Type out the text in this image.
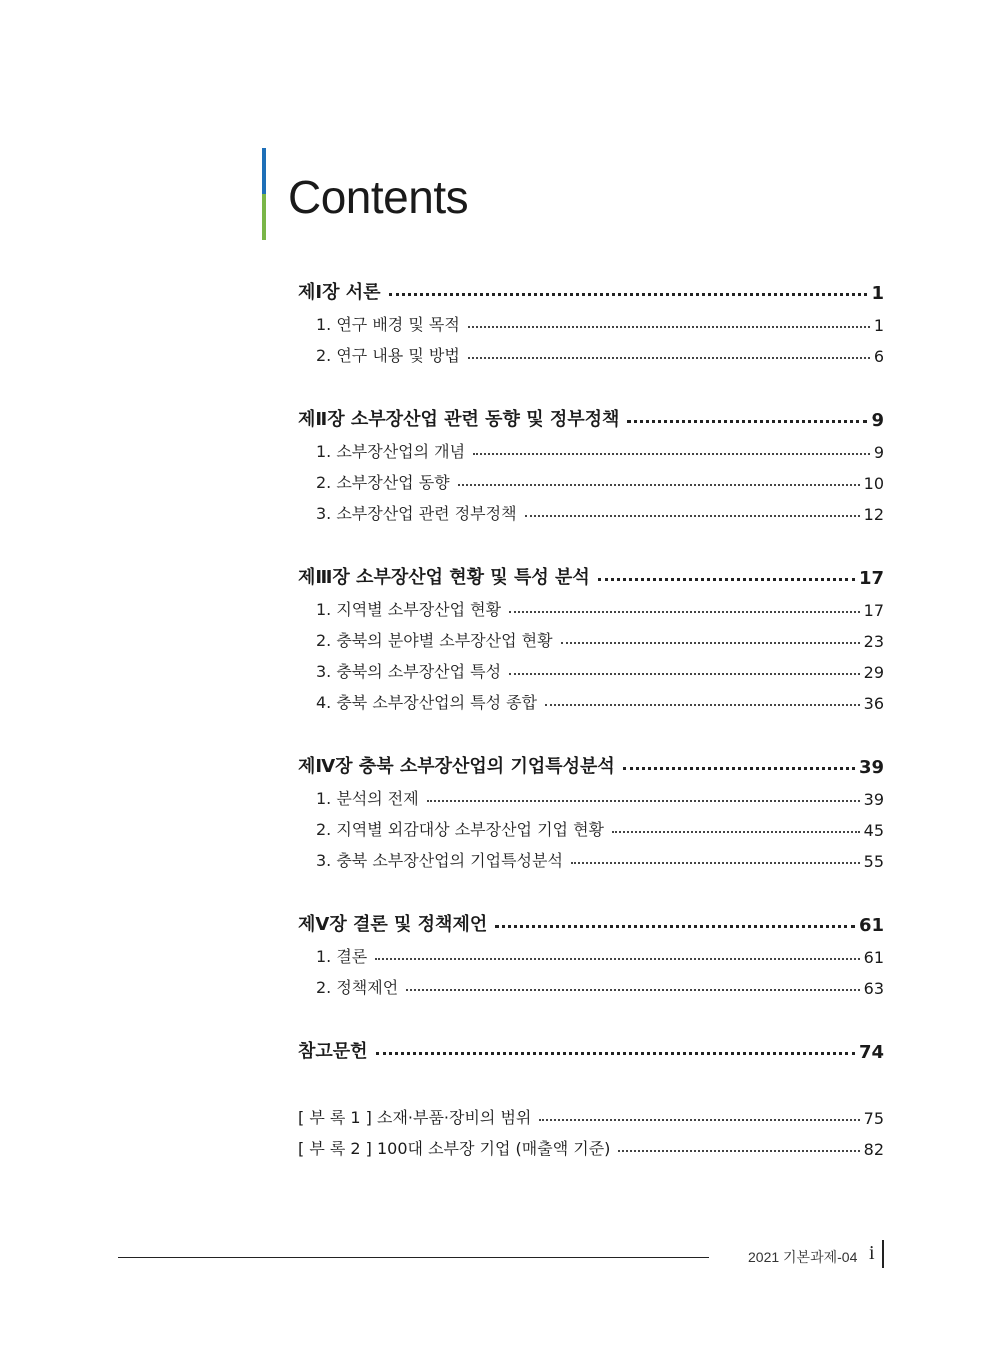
Contents
제Ⅰ장 서론	1
1. 연구 배경 및 목적	1
2. 연구 내용 및 방법	6
제Ⅱ장 소부장산업 관련 동향 및 정부정책	9
1. 소부장산업의 개념	9
2. 소부장산업 동향	10
3. 소부장산업 관련 정부정책	12
제Ⅲ장 소부장산업 현황 및 특성 분석	17
1. 지역별 소부장산업 현황	17
2. 충북의 분야별 소부장산업 현황	23
3. 충북의 소부장산업 특성	29
4. 충북 소부장산업의 특성 종합	36
제Ⅳ장 충북 소부장산업의 기업특성분석	39
1. 분석의 전제	39
2. 지역별 외감대상 소부장산업 기업 현황	45
3. 충북 소부장산업의 기업특성분석	55
제Ⅴ장 결론 및 정책제언	61
1. 결론	61
2. 정책제언	63
참고문헌	74
[ 부 록 1 ] 소재·부품·장비의 범위	75
[ 부 록 2 ] 100대 소부장 기업 (매출액 기준)	82
2021 기본과제-04 i
